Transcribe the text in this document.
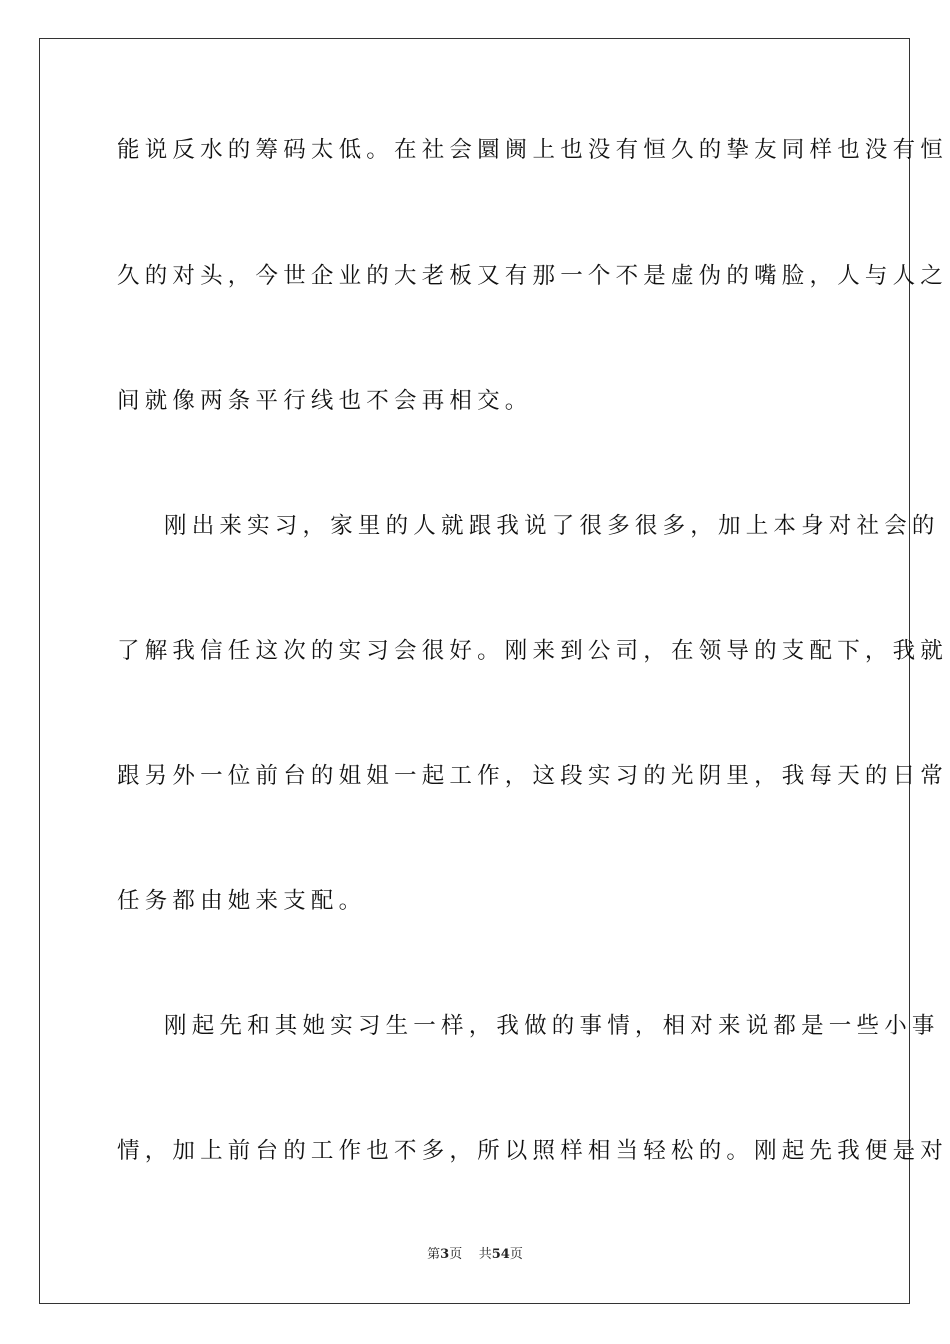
能说反水的筹码太低。在社会圜阓上也没有恒久的挚友同样也没有恒
久的对头，今世企业的大老板又有那一个不是虚伪的嘴脸，人与人之
间就像两条平行线也不会再相交。
刚出来实习，家里的人就跟我说了很多很多，加上本身对社会的
了解我信任这次的实习会很好。刚来到公司，在领导的支配下，我就
跟另外一位前台的姐姐一起工作，这段实习的光阴里，我每天的日常
任务都由她来支配。
刚起先和其她实习生一样，我做的事情，相对来说都是一些小事
情，加上前台的工作也不多，所以照样相当轻松的。刚起先我便是对
第3页 共54页
